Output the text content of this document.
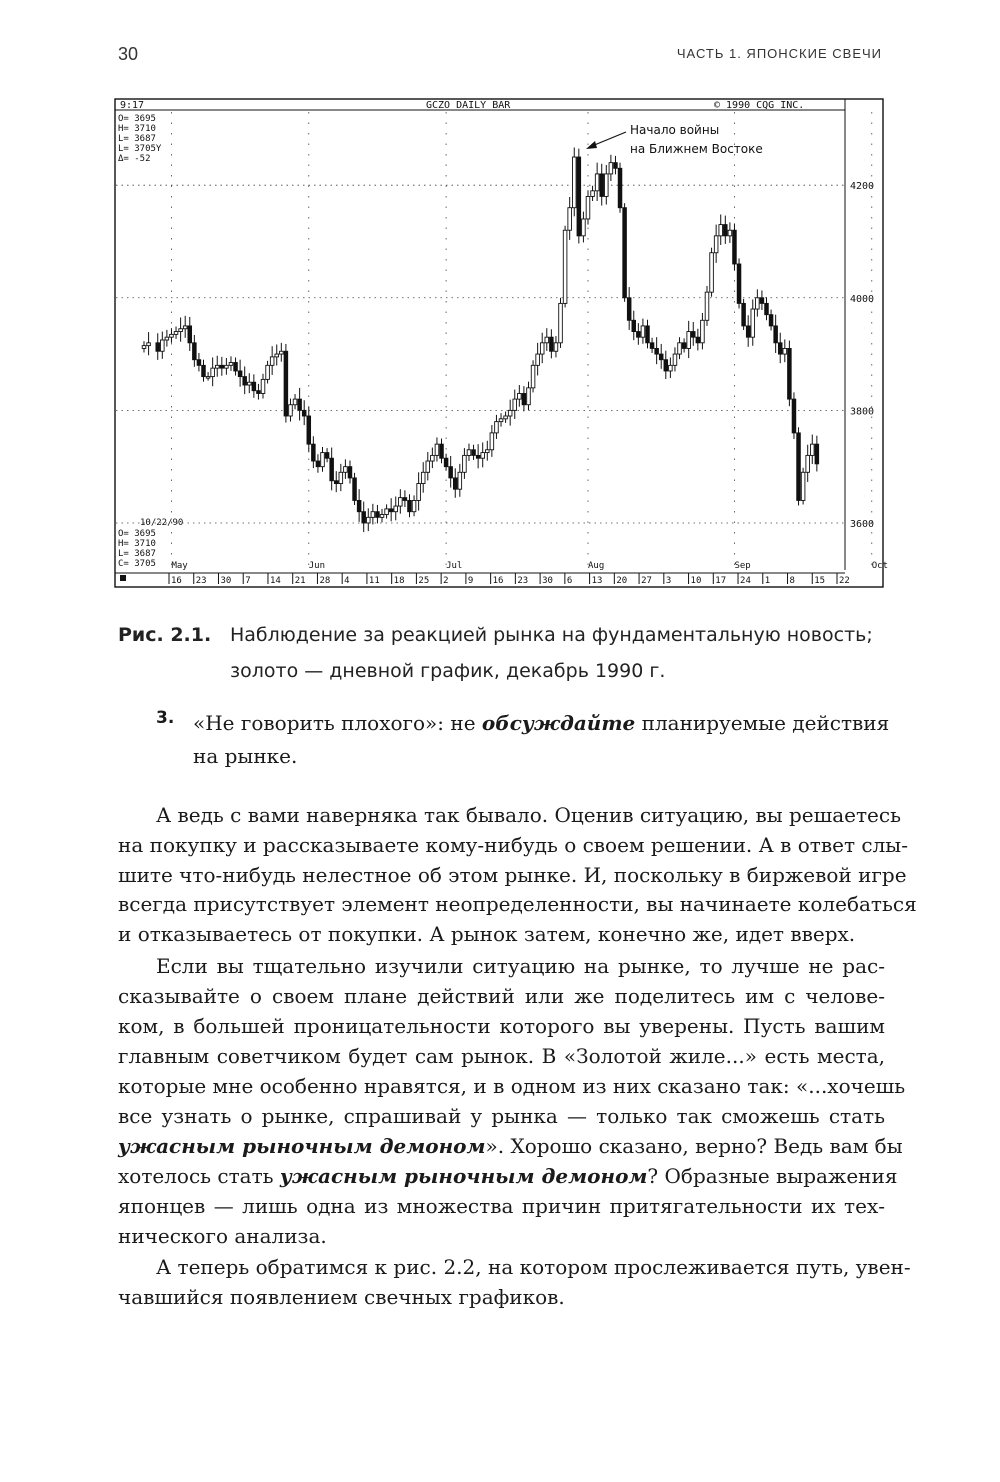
30	ЧАСТЬ 1. ЯПОНСКИЕ СВЕЧИ
4200
4000
3800
3600
May	Jun	Jul	Aug	Sep	Oct
16 23 30 7 14 21 28 4 11 18 25 2 9 16 23 30 6 13 20 27 3 10 17 24 1 8 15 22
9:17	GCZO DAILY BAR	© 1990 CQG INC.
O= 3695
H= 3710
L= 3687
L= 3705Y
Δ= -52
10/22/90
O= 3695
H= 3710
L= 3687
C= 3705
Начало войны
на Ближнем Востоке
Рис. 2.1. Наблюдение за реакцией рынка на фундаментальную новость;
золото — дневной график, декабрь 1990 г.
3. «Не говорить плохого»: не обсуждайте планируемые действия
на рынке.
А ведь с вами наверняка так бывало. Оценив ситуацию, вы решаетесь
на покупку и рассказываете кому-нибудь о своем решении. А в ответ слы-
шите что-нибудь нелестное об этом рынке. И, поскольку в биржевой игре
всегда присутствует элемент неопределенности, вы начинаете колебаться
и отказываетесь от покупки. А рынок затем, конечно же, идет вверх.
Если вы тщательно изучили ситуацию на рынке, то лучше не рас-
сказывайте о своем плане действий или же поделитесь им с челове-
ком, в большей проницательности которого вы уверены. Пусть вашим
главным советчиком будет сам рынок. В «Золотой жиле...» есть места,
которые мне особенно нравятся, и в одном из них сказано так: «...хочешь
все узнать о рынке, спрашивай у рынка — только так сможешь стать
ужасным рыночным демоном». Хорошо сказано, верно? Ведь вам бы
хотелось стать ужасным рыночным демоном? Образные выражения
японцев — лишь одна из множества причин притягательности их тех-
нического анализа.
А теперь обратимся к рис. 2.2, на котором прослеживается путь, увен-
чавшийся появлением свечных графиков.
